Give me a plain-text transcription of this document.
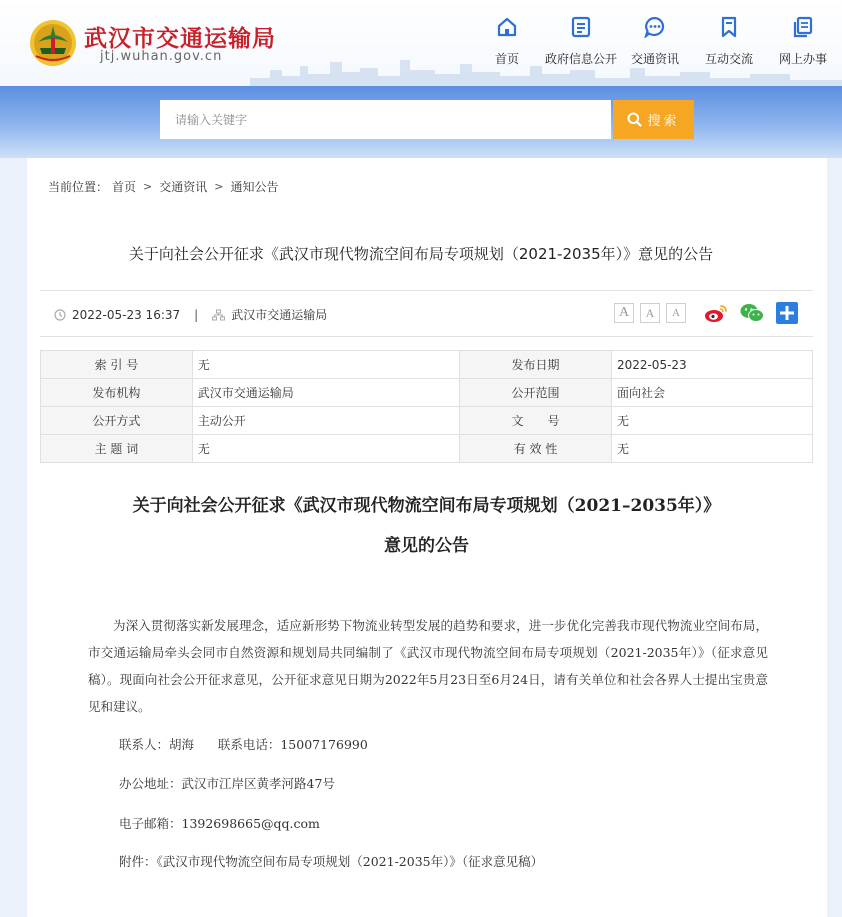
武汉市交通运输局
jtj.wuhan.gov.cn	首页	政府信息公开	交通资讯	互动交流	网上办事
请输入关键字
搜索
当前位置： 首页 > 交通资讯 > 通知公告
关于向社会公开征求《武汉市现代物流空间布局专项规划（2021-2035年）》意见的公告
2022-05-23 16:37 |	武汉市交通运输局	A	A	A
索 引 号	无	发布日期	2022-05-23
发布机构	武汉市交通运输局	公开范围	面向社会
公开方式	主动公开	文　　号	无
主 题 词	无	有 效 性	无
关于向社会公开征求《武汉市现代物流空间布局专项规划（2021–2035年）》
意见的公告
为深入贯彻落实新发展理念，适应新形势下物流业转型发展的趋势和要求，进一步优化完善我市现代物流业空间布局，市交通运输局牵头会同市自然资源和规划局共同编制了《武汉市现代物流空间布局专项规划（2021-2035年）》（征求意见稿）。现面向社会公开征求意见，公开征求意见日期为2022年5月23日至6月24日，请有关单位和社会各界人士提出宝贵意见和建议。
联系人：胡海      联系电话：15007176990
办公地址：武汉市江岸区黄孝河路47号
电子邮箱：1392698665@qq.com
附件：《武汉市现代物流空间布局专项规划（2021-2035年）》（征求意见稿）
